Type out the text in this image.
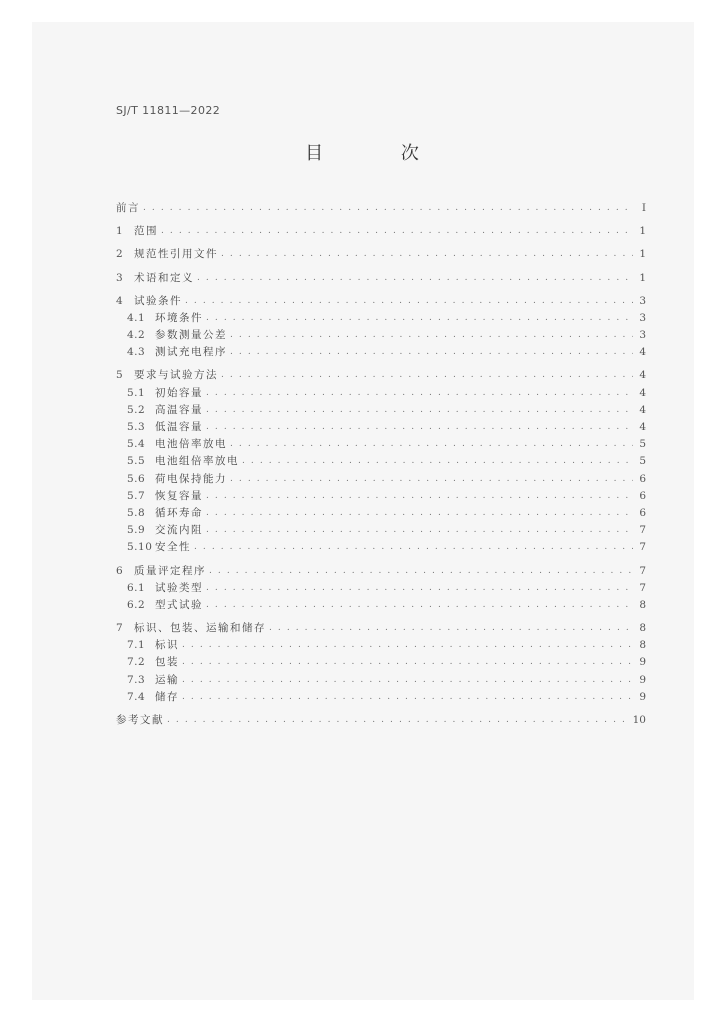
SJ/T 11811—2022
目 次
前言 . . .	I
1	范围 . . .	1
2	规范性引用文件 . . .	1
3	术语和定义 . . .	1
4	试验条件 . . .	3
4.1 环境条件 . . .	3
4.2 参数测量公差 . . .	3
4.3 测试充电程序 . . .	4
5	要求与试验方法 . . .	4
5.1 初始容量 . . .	4
5.2 高温容量 . . .	4
5.3 低温容量 . . .	4
5.4 电池倍率放电 . . .	5
5.5 电池组倍率放电 . . .	5
5.6 荷电保持能力 . . .	6
5.7 恢复容量 . . .	6
5.8 循环寿命 . . .	6
5.9 交流内阻 . . .	7
5.10 安全性 . . .	7
6	质量评定程序 . . .	7
6.1 试验类型 . . .	7
6.2 型式试验 . . .	8
7	标识、包装、运输和储存 . . .	8
7.1 标识 . . .	8
7.2 包装 . . .	9
7.3 运输 . . .	9
7.4 储存 . . .	9
参考文献 . . .	10
